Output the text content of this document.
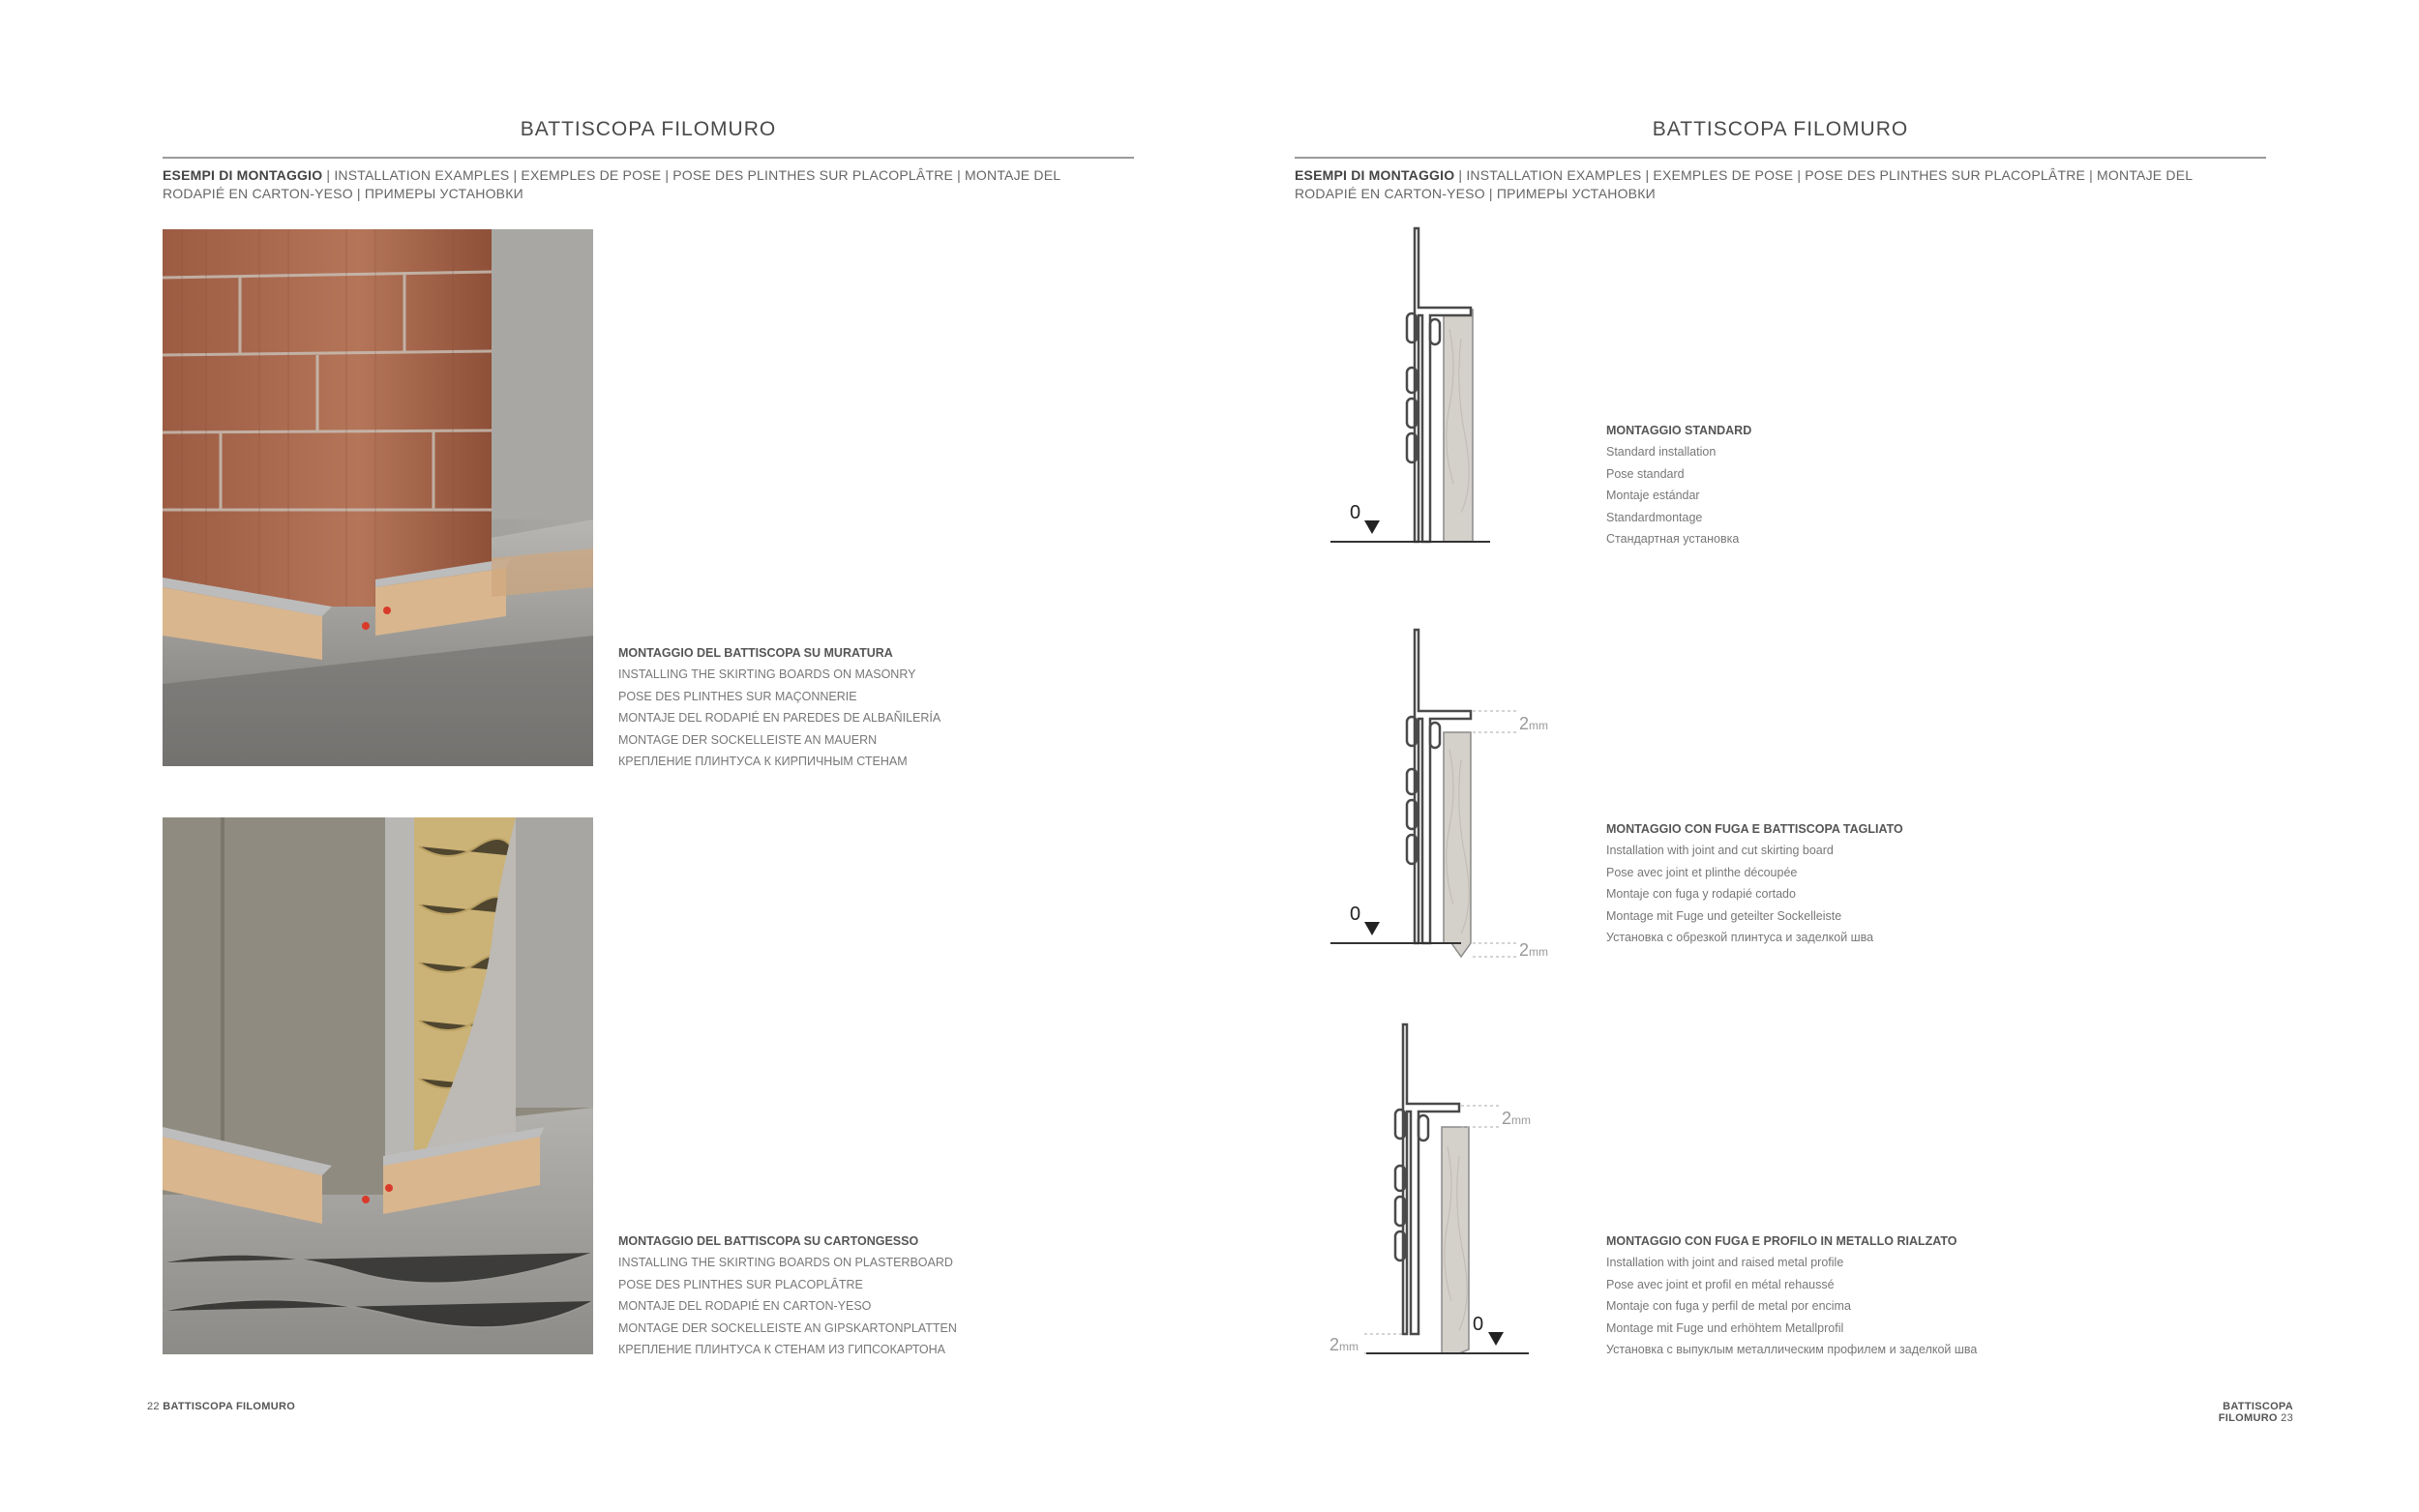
BATTISCOPA FILOMURO
ESEMPI DI MONTAGGIO | INSTALLATION EXAMPLES | EXEMPLES DE POSE | POSE DES PLINTHES SUR PLACOPLÂTRE | MONTAJE DEL RODAPIÉ EN CARTON-YESO | ПРИМЕРЫ УСТАНОВКИ
MONTAGGIO DEL BATTISCOPA SU MURATURA
INSTALLING THE SKIRTING BOARDS ON MASONRY
POSE DES PLINTHES SUR MAÇONNERIE
MONTAJE DEL RODAPIÉ EN PAREDES DE ALBAÑILERÍA
MONTAGE DER SOCKELLEISTE AN MAUERN
КРЕПЛЕНИЕ ПЛИНТУСА К КИРПИЧНЫМ СТЕНАМ
MONTAGGIO DEL BATTISCOPA SU CARTONGESSO
INSTALLING THE SKIRTING BOARDS ON PLASTERBOARD
POSE DES PLINTHES SUR PLACOPLÂTRE
MONTAJE DEL RODAPIÉ EN CARTON-YESO
MONTAGE DER SOCKELLEISTE AN GIPSKARTONPLATTEN
КРЕПЛЕНИЕ ПЛИНТУСА К СТЕНАМ ИЗ ГИПСОКАРТОНА
22 BATTISCOPA FILOMURO
BATTISCOPA FILOMURO
ESEMPI DI MONTAGGIO | INSTALLATION EXAMPLES | EXEMPLES DE POSE | POSE DES PLINTHES SUR PLACOPLÂTRE | MONTAJE DEL RODAPIÉ EN CARTON-YESO | ПРИМЕРЫ УСТАНОВКИ
0
MONTAGGIO STANDARD
Standard installation
Pose standard
Montaje estándar
Standardmontage
Стандартная установка
2mm
2mm
0
MONTAGGIO CON FUGA E BATTISCOPA TAGLIATO
Installation with joint and cut skirting board
Pose avec joint et plinthe découpée
Montaje con fuga y rodapié cortado
Montage mit Fuge und geteilter Sockelleiste
Установка с обрезкой плинтуса и заделкой шва
2mm
2mm
0
MONTAGGIO CON FUGA E PROFILO IN METALLO RIALZATO
Installation with joint and raised metal profile
Pose avec joint et profil en métal rehaussé
Montaje con fuga y perfil de metal por encima
Montage mit Fuge und erhöhtem Metallprofil
Установка с выпуклым металлическим профилем и заделкой шва
BATTISCOPA FILOMURO 23
